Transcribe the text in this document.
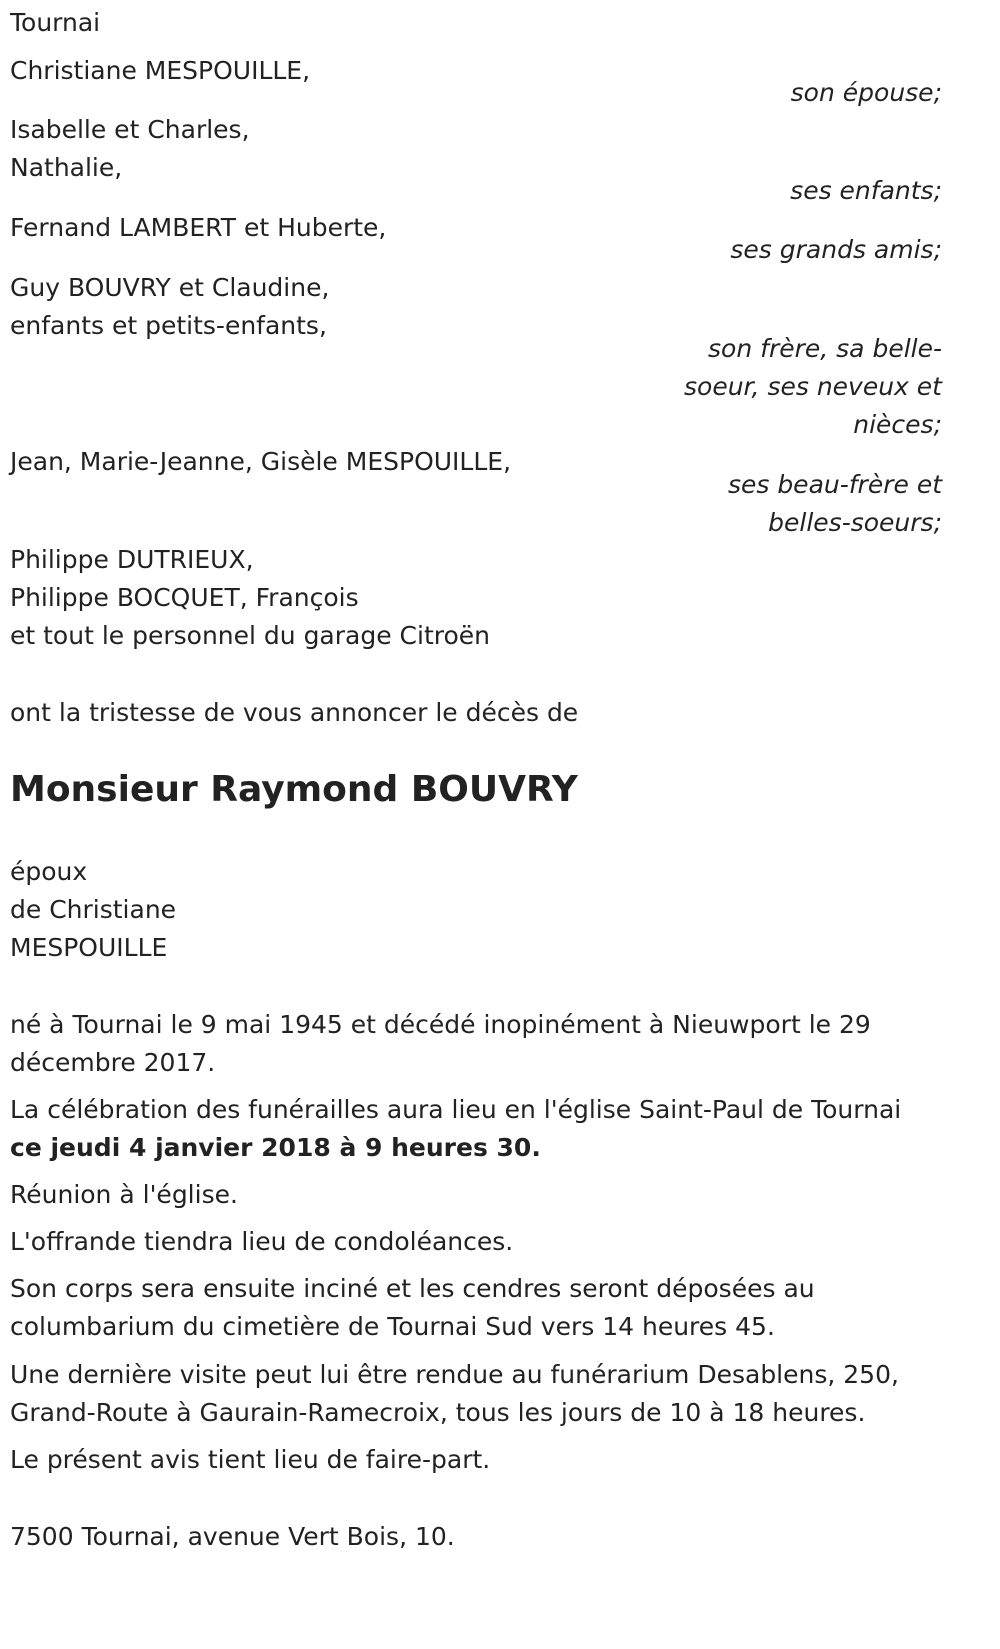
Tournai
Christiane MESPOUILLE,
son épouse;
Isabelle et Charles,
Nathalie,
ses enfants;
Fernand LAMBERT et Huberte,
ses grands amis;
Guy BOUVRY et Claudine,
enfants et petits-enfants,
son frère, sa belle-
soeur, ses neveux et
nièces;
Jean, Marie-Jeanne, Gisèle MESPOUILLE,
ses beau-frère et
belles-soeurs;
Philippe DUTRIEUX,
Philippe BOCQUET, François
et tout le personnel du garage Citroën
ont la tristesse de vous annoncer le décès de
Monsieur Raymond BOUVRY
époux
de Christiane
MESPOUILLE
né à Tournai le 9 mai 1945 et décédé inopinément à Nieuwport le 29
décembre 2017.
La célébration des funérailles aura lieu en l'église Saint-Paul de Tournai
ce jeudi 4 janvier 2018 à 9 heures 30.
Réunion à l'église.
L'offrande tiendra lieu de condoléances.
Son corps sera ensuite inciné et les cendres seront déposées au
columbarium du cimetière de Tournai Sud vers 14 heures 45.
Une dernière visite peut lui être rendue au funérarium Desablens, 250,
Grand-Route à Gaurain-Ramecroix, tous les jours de 10 à 18 heures.
Le présent avis tient lieu de faire-part.
7500 Tournai, avenue Vert Bois, 10.
